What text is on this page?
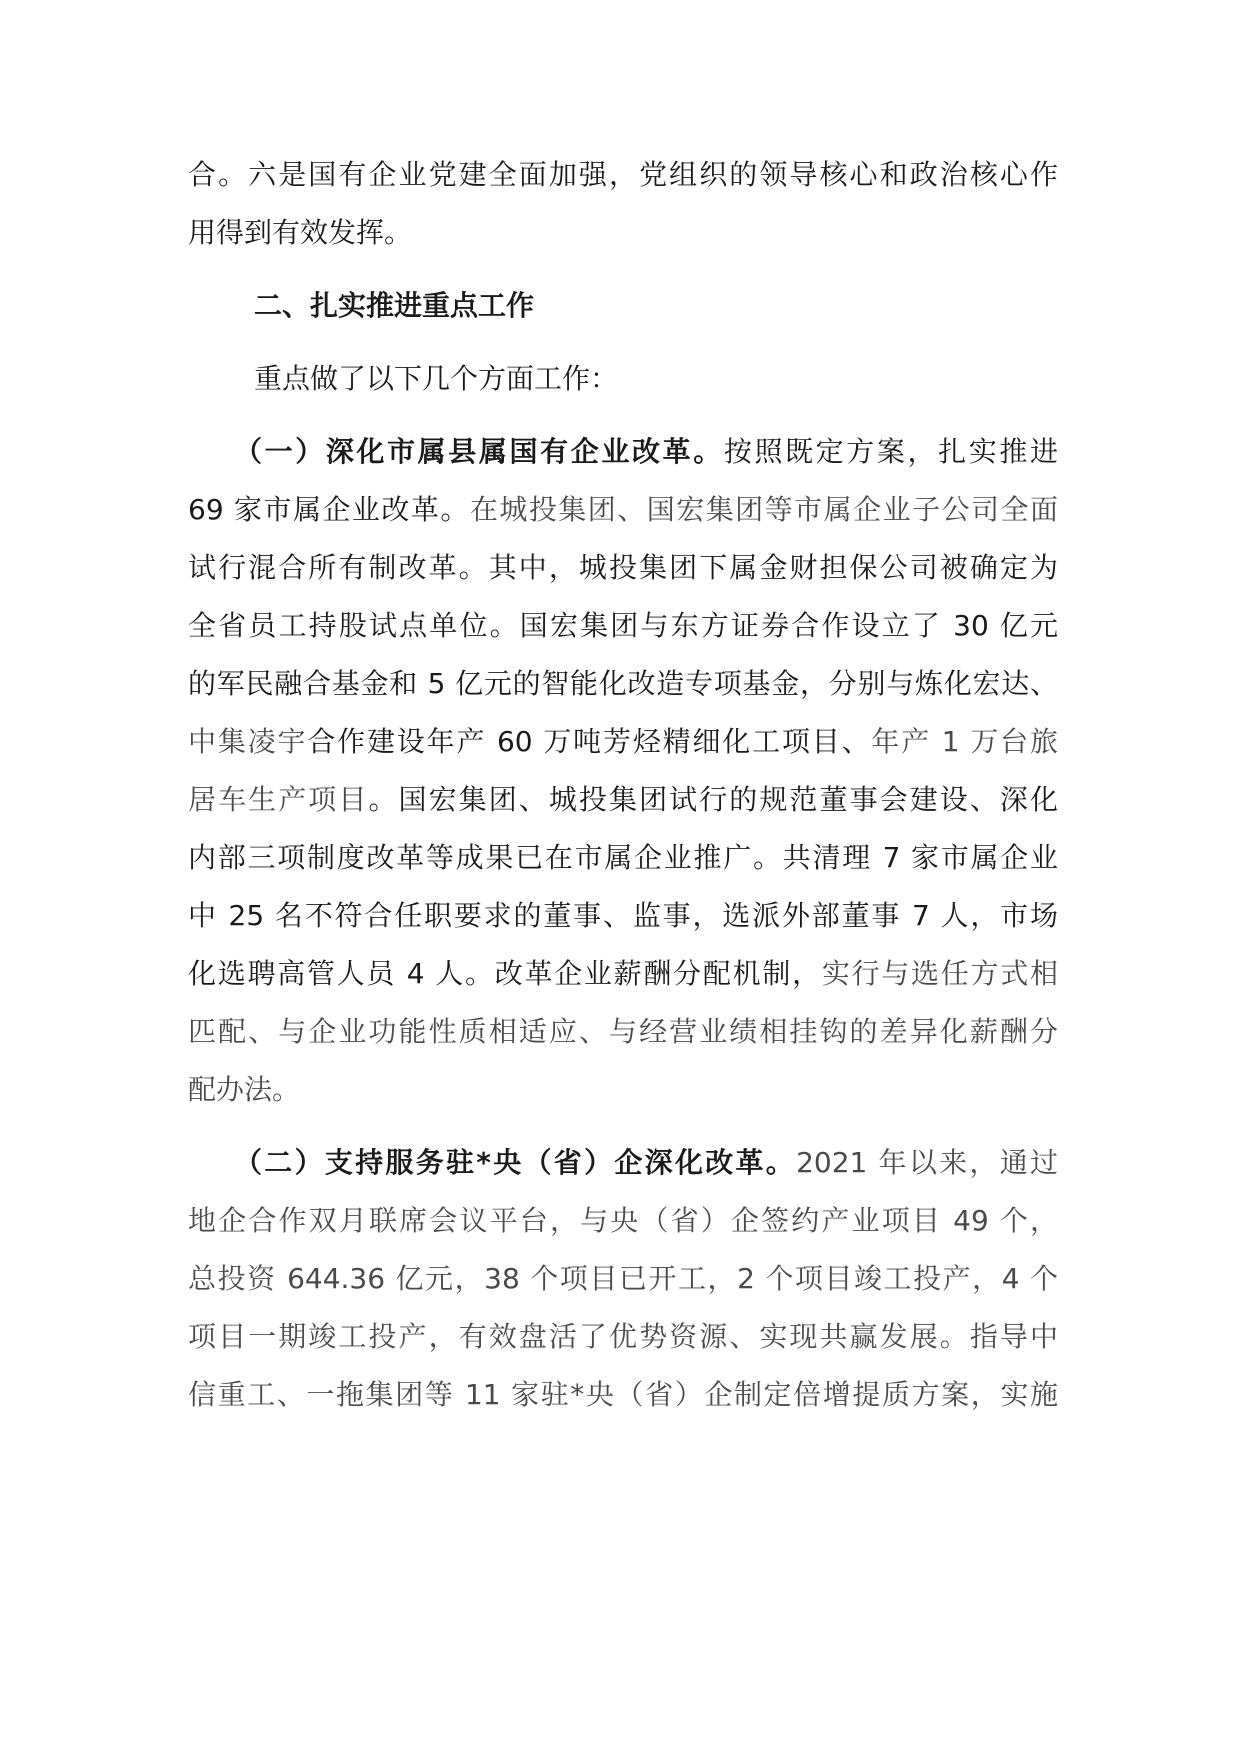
合。六是国有企业党建全面加强，党组织的领导核心和政治核心作
用得到有效发挥。
二、扎实推进重点工作
重点做了以下几个方面工作：
（一）深化市属县属国有企业改革。按照既定方案，扎实推进
69 家市属企业改革。在城投集团、国宏集团等市属企业子公司全面
试行混合所有制改革。其中，城投集团下属金财担保公司被确定为
全省员工持股试点单位。国宏集团与东方证券合作设立了 30 亿元
的军民融合基金和 5 亿元的智能化改造专项基金，分别与炼化宏达、
中集凌宇合作建设年产 60 万吨芳烃精细化工项目、年产 1 万台旅
居车生产项目。国宏集团、城投集团试行的规范董事会建设、深化
内部三项制度改革等成果已在市属企业推广。共清理 7 家市属企业
中 25 名不符合任职要求的董事、监事，选派外部董事 7 人，市场
化选聘高管人员 4 人。改革企业薪酬分配机制，实行与选任方式相
匹配、与企业功能性质相适应、与经营业绩相挂钩的差异化薪酬分
配办法。
（二）支持服务驻*央（省）企深化改革。2021 年以来，通过
地企合作双月联席会议平台，与央（省）企签约产业项目 49 个，
总投资 644.36 亿元，38 个项目已开工，2 个项目竣工投产，4 个
项目一期竣工投产，有效盘活了优势资源、实现共赢发展。指导中
信重工、一拖集团等 11 家驻*央（省）企制定倍增提质方案，实施
